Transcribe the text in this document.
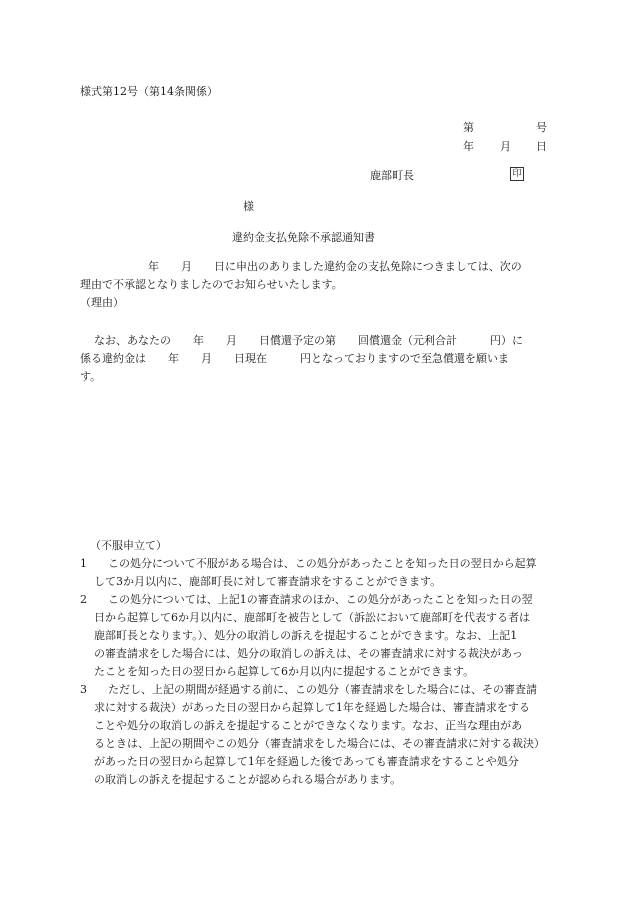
様式第12号（第14条関係）
第	号
年 月 日
鹿部町長	印
様
違約金支払免除不承認通知書
年　　月　　日に申出のありました違約金の支払免除につきましては、次の
理由で不承認となりましたのでお知らせいたします。
（理由）
なお、あなたの　　年　　月　　日償還予定の第　　回償還金（元利合計　　　円）に
係る違約金は　　年　　月　　日現在　　　円となっておりますので至急償還を願いま
す。
（不服申立て）
1	この処分について不服がある場合は、この処分があったことを知った日の翌日から起算
して3か月以内に、鹿部町長に対して審査請求をすることができます。
2	この処分については、上記1の審査請求のほか、この処分があったことを知った日の翌
日から起算して6か月以内に、鹿部町を被告として（訴訟において鹿部町を代表する者は
鹿部町長となります。）、処分の取消しの訴えを提起することができます。なお、上記1
の審査請求をした場合には、処分の取消しの訴えは、その審査請求に対する裁決があっ
たことを知った日の翌日から起算して6か月以内に提起することができます。
3	ただし、上記の期間が経過する前に、この処分（審査請求をした場合には、その審査請
求に対する裁決）があった日の翌日から起算して1年を経過した場合は、審査請求をする
ことや処分の取消しの訴えを提起することができなくなります。なお、正当な理由があ
るときは、上記の期間やこの処分（審査請求をした場合には、その審査請求に対する裁決）
があった日の翌日から起算して1年を経過した後であっても審査請求をすることや処分
の取消しの訴えを提起することが認められる場合があります。
